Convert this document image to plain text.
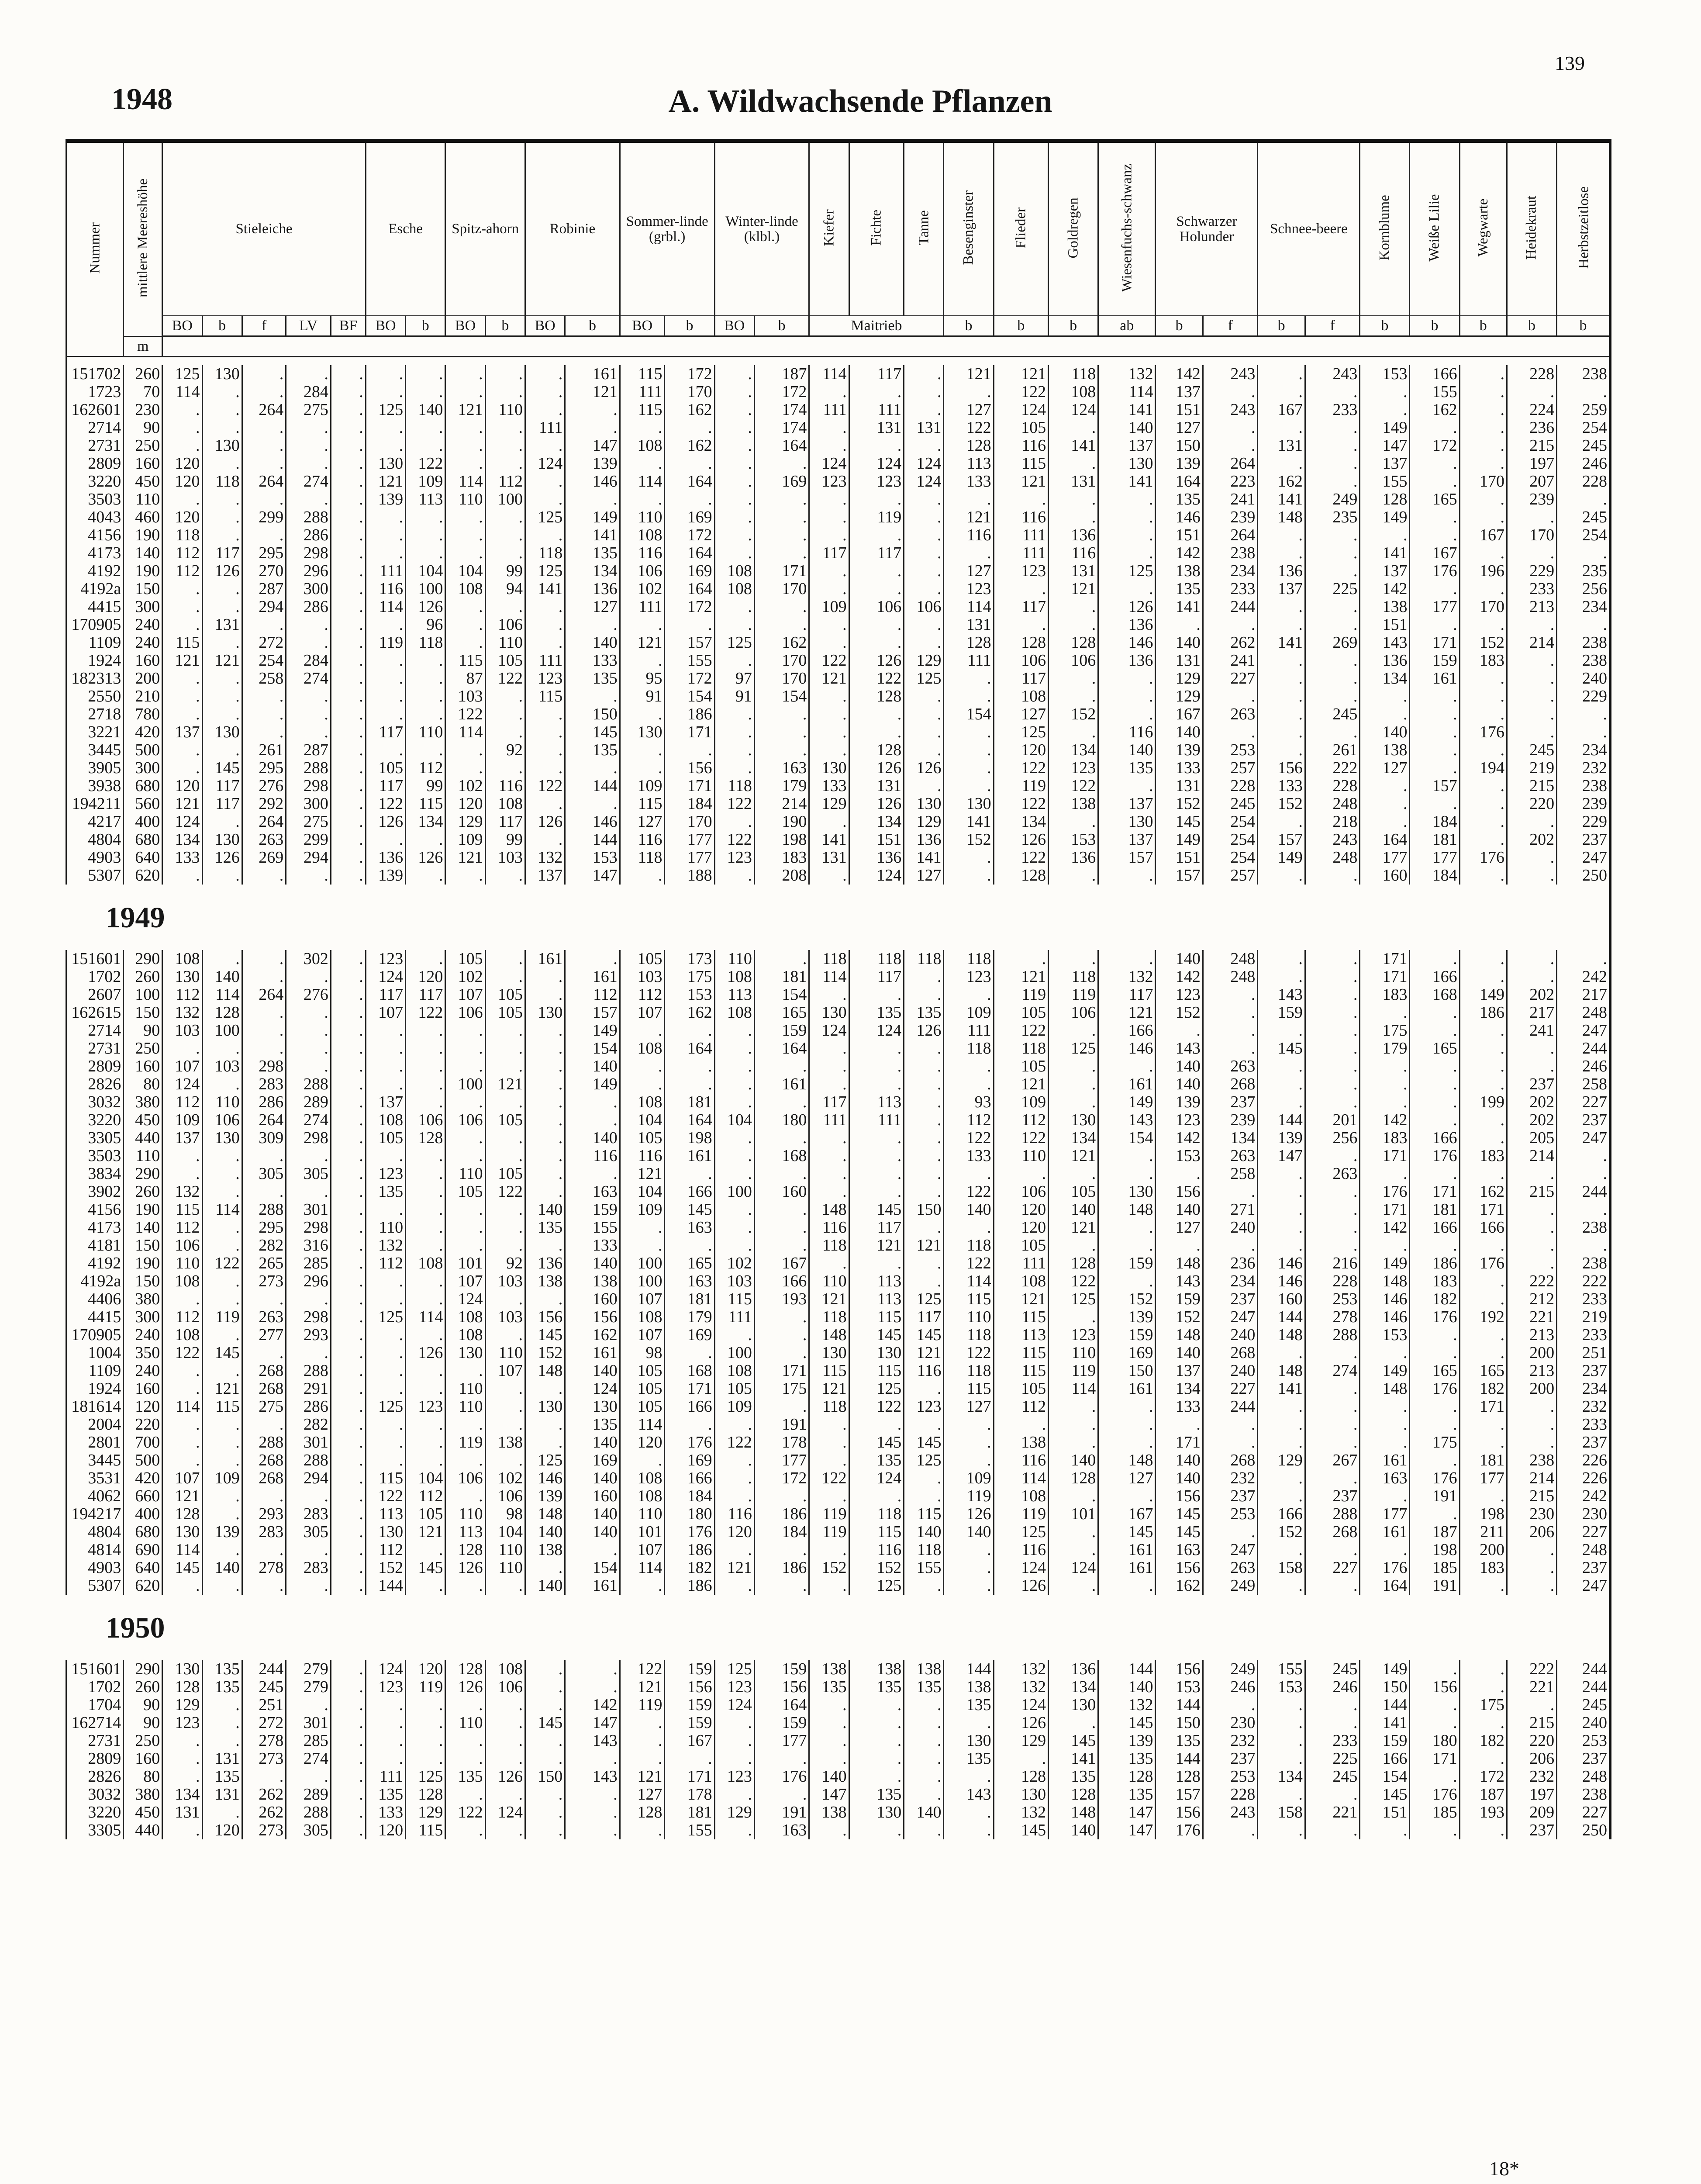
139
1948	A. Wildwachsende Pflanzen
Nummer	mittlere Meereshöhe	Stieleiche					Esche		Spitz-ahorn		Robinie		Sommer-linde (grbl.)		Winter-linde (klbl.)		Kiefer	Fichte	Tanne	Besenginster	Flieder	Goldregen	Wiesenfuchs-schwanz	Schwarzer Holunder		Schnee-beere		Kornblume	Weiße Lilie	Wegwarte	Heidekraut	Herbstzeitlose
		BO	b	f	LV	BF	BO	b	BO	b	BO	b	BO	b	BO	b	Maitrieb			b	b	b	ab	b	f	b	f	b	b	b	b	b
	m																															

151702	260	125	130	.	.	.	.	.	.	.	.	161	115	172	.	187	114	117	.	121	121	118	132	142	243	.	243	153	166	.	228	238
1723	70	114	.	.	284	.	.	.	.	.	.	121	111	170	.	172	.	.	.	.	122	108	114	137	.	.	.	.	155	.	.	.
162601	230	.	.	264	275	.	125	140	121	110	.	.	115	162	.	174	111	111	.	127	124	124	141	151	243	167	233	.	162	.	224	259
2714	90	.	.	.	.	.	.	.	.	.	111	.	.	.	.	174	.	131	131	122	105	.	140	127	.	.	.	149	.	.	236	254
2731	250	.	130	.	.	.	.	.	.	.	.	147	108	162	.	164	.	.	.	128	116	141	137	150	.	131	.	147	172	.	215	245
2809	160	120	.	.	.	.	130	122	.	.	124	139	.	.	.	.	124	124	124	113	115	.	130	139	264	.	.	137	.	.	197	246
3220	450	120	118	264	274	.	121	109	114	112	.	146	114	164	.	169	123	123	124	133	121	131	141	164	223	162	.	155	.	170	207	228
3503	110	.	.	.	.	.	139	113	110	100	.	.	.	.	.	.	.	.	.	.	.	.	.	135	241	141	249	128	165	.	239	.
4043	460	120	.	299	288	.	.	.	.	.	125	149	110	169	.	.	.	119	.	121	116	.	.	146	239	148	235	149	.	.	.	245
4156	190	118	.	.	286	.	.	.	.	.	.	141	108	172	.	.	.	.	.	116	111	136	.	151	264	.	.	.	.	167	170	254
4173	140	112	117	295	298	.	.	.	.	.	118	135	116	164	.	.	117	117	.	.	111	116	.	142	238	.	.	141	167	.	.	.
4192	190	112	126	270	296	.	111	104	104	99	125	134	106	169	108	171	.	.	.	127	123	131	125	138	234	136	.	137	176	196	229	235
4192a	150	.	.	287	300	.	116	100	108	94	141	136	102	164	108	170	.	.	.	123	.	121	.	135	233	137	225	142	.	.	233	256
4415	300	.	.	294	286	.	114	126	.	.	.	127	111	172	.	.	109	106	106	114	117	.	126	141	244	.	.	138	177	170	213	234
170905	240	.	131	.	.	.	.	96	.	106	.	.	.	.	.	.	.	.	.	131	.	.	136	.	.	.	.	151	.	.	.	.
1109	240	115	.	272	.	.	119	118	.	110	.	140	121	157	125	162	.	.	.	128	128	128	146	140	262	141	269	143	171	152	214	238
1924	160	121	121	254	284	.	.	.	115	105	111	133	.	155	.	170	122	126	129	111	106	106	136	131	241	.	.	136	159	183	.	238
182313	200	.	.	258	274	.	.	.	87	122	123	135	95	172	97	170	121	122	125	.	117	.	.	129	227	.	.	134	161	.	.	240
2550	210	.	.	.	.	.	.	.	103	.	115	.	91	154	91	154	.	128	.	.	108	.	.	129	.	.	.	.	.	.	.	229
2718	780	.	.	.	.	.	.	.	122	.	.	150	.	186	.	.	.	.	.	154	127	152	.	167	263	.	245	.	.	.	.	.
3221	420	137	130	.	.	.	117	110	114	.	.	145	130	171	.	.	.	.	.	.	125	.	116	140	.	.	.	140	.	176	.	.
3445	500	.	.	261	287	.	.	.	.	92	.	135	.	.	.	.	.	128	.	.	120	134	140	139	253	.	261	138	.	.	245	234
3905	300	.	145	295	288	.	105	112	.	.	.	.	.	156	.	163	130	126	126	.	122	123	135	133	257	156	222	127	.	194	219	232
3938	680	120	117	276	298	.	117	99	102	116	122	144	109	171	118	179	133	131	.	.	119	122	.	131	228	133	228	.	157	.	215	238
194211	560	121	117	292	300	.	122	115	120	108	.	.	115	184	122	214	129	126	130	130	122	138	137	152	245	152	248	.	.	.	220	239
4217	400	124	.	264	275	.	126	134	129	117	126	146	127	170	.	190	.	134	129	141	134	.	130	145	254	.	218	.	184	.	.	229
4804	680	134	130	263	299	.	.	.	109	99	.	144	116	177	122	198	141	151	136	152	126	153	137	149	254	157	243	164	181	.	202	237
4903	640	133	126	269	294	.	136	126	121	103	132	153	118	177	123	183	131	136	141	.	122	136	157	151	254	149	248	177	177	176	.	247
5307	620	.	.	.	.	.	139	.	.	.	137	147	.	188	.	208	.	124	127	.	128	.	.	157	257	.	.	160	184	.	.	250
1949																																
151601	290	108	.	.	302	.	123	.	105	.	161	.	105	173	110	.	118	118	118	118	.	.	.	140	248	.	.	171	.	.	.	.
1702	260	130	140	.	.	.	124	120	102	.	.	161	103	175	108	181	114	117	.	123	121	118	132	142	248	.	.	171	166	.	.	242
2607	100	112	114	264	276	.	117	117	107	105	.	112	112	153	113	154	.	.	.	.	119	119	117	123	.	143	.	183	168	149	202	217
162615	150	132	128	.	.	.	107	122	106	105	130	157	107	162	108	165	130	135	135	109	105	106	121	152	.	159	.	.	.	186	217	248
2714	90	103	100	.	.	.	.	.	.	.	.	149	.	.	.	159	124	124	126	111	122	.	166	.	.	.	.	175	.	.	241	247
2731	250	.	.	.	.	.	.	.	.	.	.	154	108	164	.	164	.	.	.	118	118	125	146	143	.	145	.	179	165	.	.	244
2809	160	107	103	298	.	.	.	.	.	.	.	140	.	.	.	.	.	.	.	.	105	.	.	140	263	.	.	.	.	.	.	246
2826	80	124	.	283	288	.	.	.	100	121	.	149	.	.	.	161	.	.	.	.	121	.	161	140	268	.	.	.	.	.	237	258
3032	380	112	110	286	289	.	137	.	.	.	.	.	108	181	.	.	117	113	.	93	109	.	149	139	237	.	.	.	.	199	202	227
3220	450	109	106	264	274	.	108	106	106	105	.	.	104	164	104	180	111	111	.	112	112	130	143	123	239	144	201	142	.	.	202	237
3305	440	137	130	309	298	.	105	128	.	.	.	140	105	198	.	.	.	.	.	122	122	134	154	142	134	139	256	183	166	.	205	247
3503	110	.	.	.	.	.	.	.	.	.	.	116	116	161	.	168	.	.	.	133	110	121	.	153	263	147	.	171	176	183	214	.
3834	290	.	.	305	305	.	123	.	110	105	.	.	121	.	.	.	.	.	.	.	.	.	.	.	258	.	263	.	.	.	.	.
3902	260	132	.	.	.	.	135	.	105	122	.	163	104	166	100	160	.	.	.	122	106	105	130	156	.	.	.	176	171	162	215	244
4156	190	115	114	288	301	.	.	.	.	.	140	159	109	145	.	.	148	145	150	140	120	140	148	140	271	.	.	171	181	171	.	.
4173	140	112	.	295	298	.	110	.	.	.	135	155	.	163	.	.	116	117	.	.	120	121	.	127	240	.	.	142	166	166	.	238
4181	150	106	.	282	316	.	132	.	.	.	.	133	.	.	.	.	118	121	121	118	105	.	.	.	.	.	.	.	.	.	.	.
4192	190	110	122	265	285	.	112	108	101	92	136	140	100	165	102	167	.	.	.	122	111	128	159	148	236	146	216	149	186	176	.	238
4192a	150	108	.	273	296	.	.	.	107	103	138	138	100	163	103	166	110	113	.	114	108	122	.	143	234	146	228	148	183	.	222	222
4406	380	.	.	.	.	.	.	.	124	.	.	160	107	181	115	193	121	113	125	115	121	125	152	159	237	160	253	146	182	.	212	233
4415	300	112	119	263	298	.	125	114	108	103	156	156	108	179	111	.	118	115	117	110	115	.	139	152	247	144	278	146	176	192	221	219
170905	240	108	.	277	293	.	.	.	108	.	145	162	107	169	.	.	148	145	145	118	113	123	159	148	240	148	288	153	.	.	213	233
1004	350	122	145	.	.	.	.	126	130	110	152	161	98	.	100	.	130	130	121	122	115	110	169	140	268	.	.	.	.	.	200	251
1109	240	.	.	268	288	.	.	.	.	107	148	140	105	168	108	171	115	115	116	118	115	119	150	137	240	148	274	149	165	165	213	237
1924	160	.	121	268	291	.	.	.	110	.	.	124	105	171	105	175	121	125	.	115	105	114	161	134	227	141	.	148	176	182	200	234
181614	120	114	115	275	286	.	125	123	110	.	130	130	105	166	109	.	118	122	123	127	112	.	.	133	244	.	.	.	.	171	.	232
2004	220	.	.	.	282	.	.	.	.	.	.	135	114	.	.	191	.	.	.	.	.	.	.	.	.	.	.	.	.	.	.	233
2801	700	.	.	288	301	.	.	.	119	138	.	140	120	176	122	178	.	145	145	.	138	.	.	171	.	.	.	.	175	.	.	237
3445	500	.	.	268	288	.	.	.	.	.	125	169	.	169	.	177	.	135	125	.	116	140	148	140	268	129	267	161	.	181	238	226
3531	420	107	109	268	294	.	115	104	106	102	146	140	108	166	.	172	122	124	.	109	114	128	127	140	232	.	.	163	176	177	214	226
4062	660	121	.	.	.	.	122	112	.	106	139	160	108	184	.	.	.	.	.	119	108	.	.	156	237	.	237	.	191	.	215	242
194217	400	128	.	293	283	.	113	105	110	98	148	140	110	180	116	186	119	118	115	126	119	101	167	145	253	166	288	177	.	198	230	230
4804	680	130	139	283	305	.	130	121	113	104	140	140	101	176	120	184	119	115	140	140	125	.	145	145	.	152	268	161	187	211	206	227
4814	690	114	.	.	.	.	112	.	128	110	138	.	107	186	.	.	.	116	118	.	116	.	161	163	247	.	.	.	198	200	.	248
4903	640	145	140	278	283	.	152	145	126	110	.	154	114	182	121	186	152	152	155	.	124	124	161	156	263	158	227	176	185	183	.	237
5307	620	.	.	.	.	.	144	.	.	.	140	161	.	186	.	.	.	125	.	.	126	.	.	162	249	.	.	164	191	.	.	247
1950																																
151601	290	130	135	244	279	.	124	120	128	108	.	.	122	159	125	159	138	138	138	144	132	136	144	156	249	155	245	149	.	.	222	244
1702	260	128	135	245	279	.	123	119	126	106	.	.	121	156	123	156	135	135	135	138	132	134	140	153	246	153	246	150	156	.	221	244
1704	90	129	.	251	.	.	.	.	.	.	.	142	119	159	124	164	.	.	.	135	124	130	132	144	.	.	.	144	.	175	.	245
162714	90	123	.	272	301	.	.	.	110	.	145	147	.	159	.	159	.	.	.	.	126	.	145	150	230	.	.	141	.	.	215	240
2731	250	.	.	278	285	.	.	.	.	.	.	143	.	167	.	177	.	.	.	130	129	145	139	135	232	.	233	159	180	182	220	253
2809	160	.	131	273	274	.	.	.	.	.	.	.	.	.	.	.	.	.	.	135	.	141	135	144	237	.	225	166	171	.	206	237
2826	80	.	135	.	.	.	111	125	135	126	150	143	121	171	123	176	140	.	.	.	128	135	128	128	253	134	245	154	.	172	232	248
3032	380	134	131	262	289	.	135	128	.	.	.	.	127	178	.	.	147	135	.	143	130	128	135	157	228	.	.	145	176	187	197	238
3220	450	131	.	262	288	.	133	129	122	124	.	.	128	181	129	191	138	130	140	.	132	148	147	156	243	158	221	151	185	193	209	227
3305	440	.	120	273	305	.	120	115	.	.	.	.	.	155	.	163	.	.	.	.	145	140	147	176	.	.	.	.	.	.	237	250
18*
